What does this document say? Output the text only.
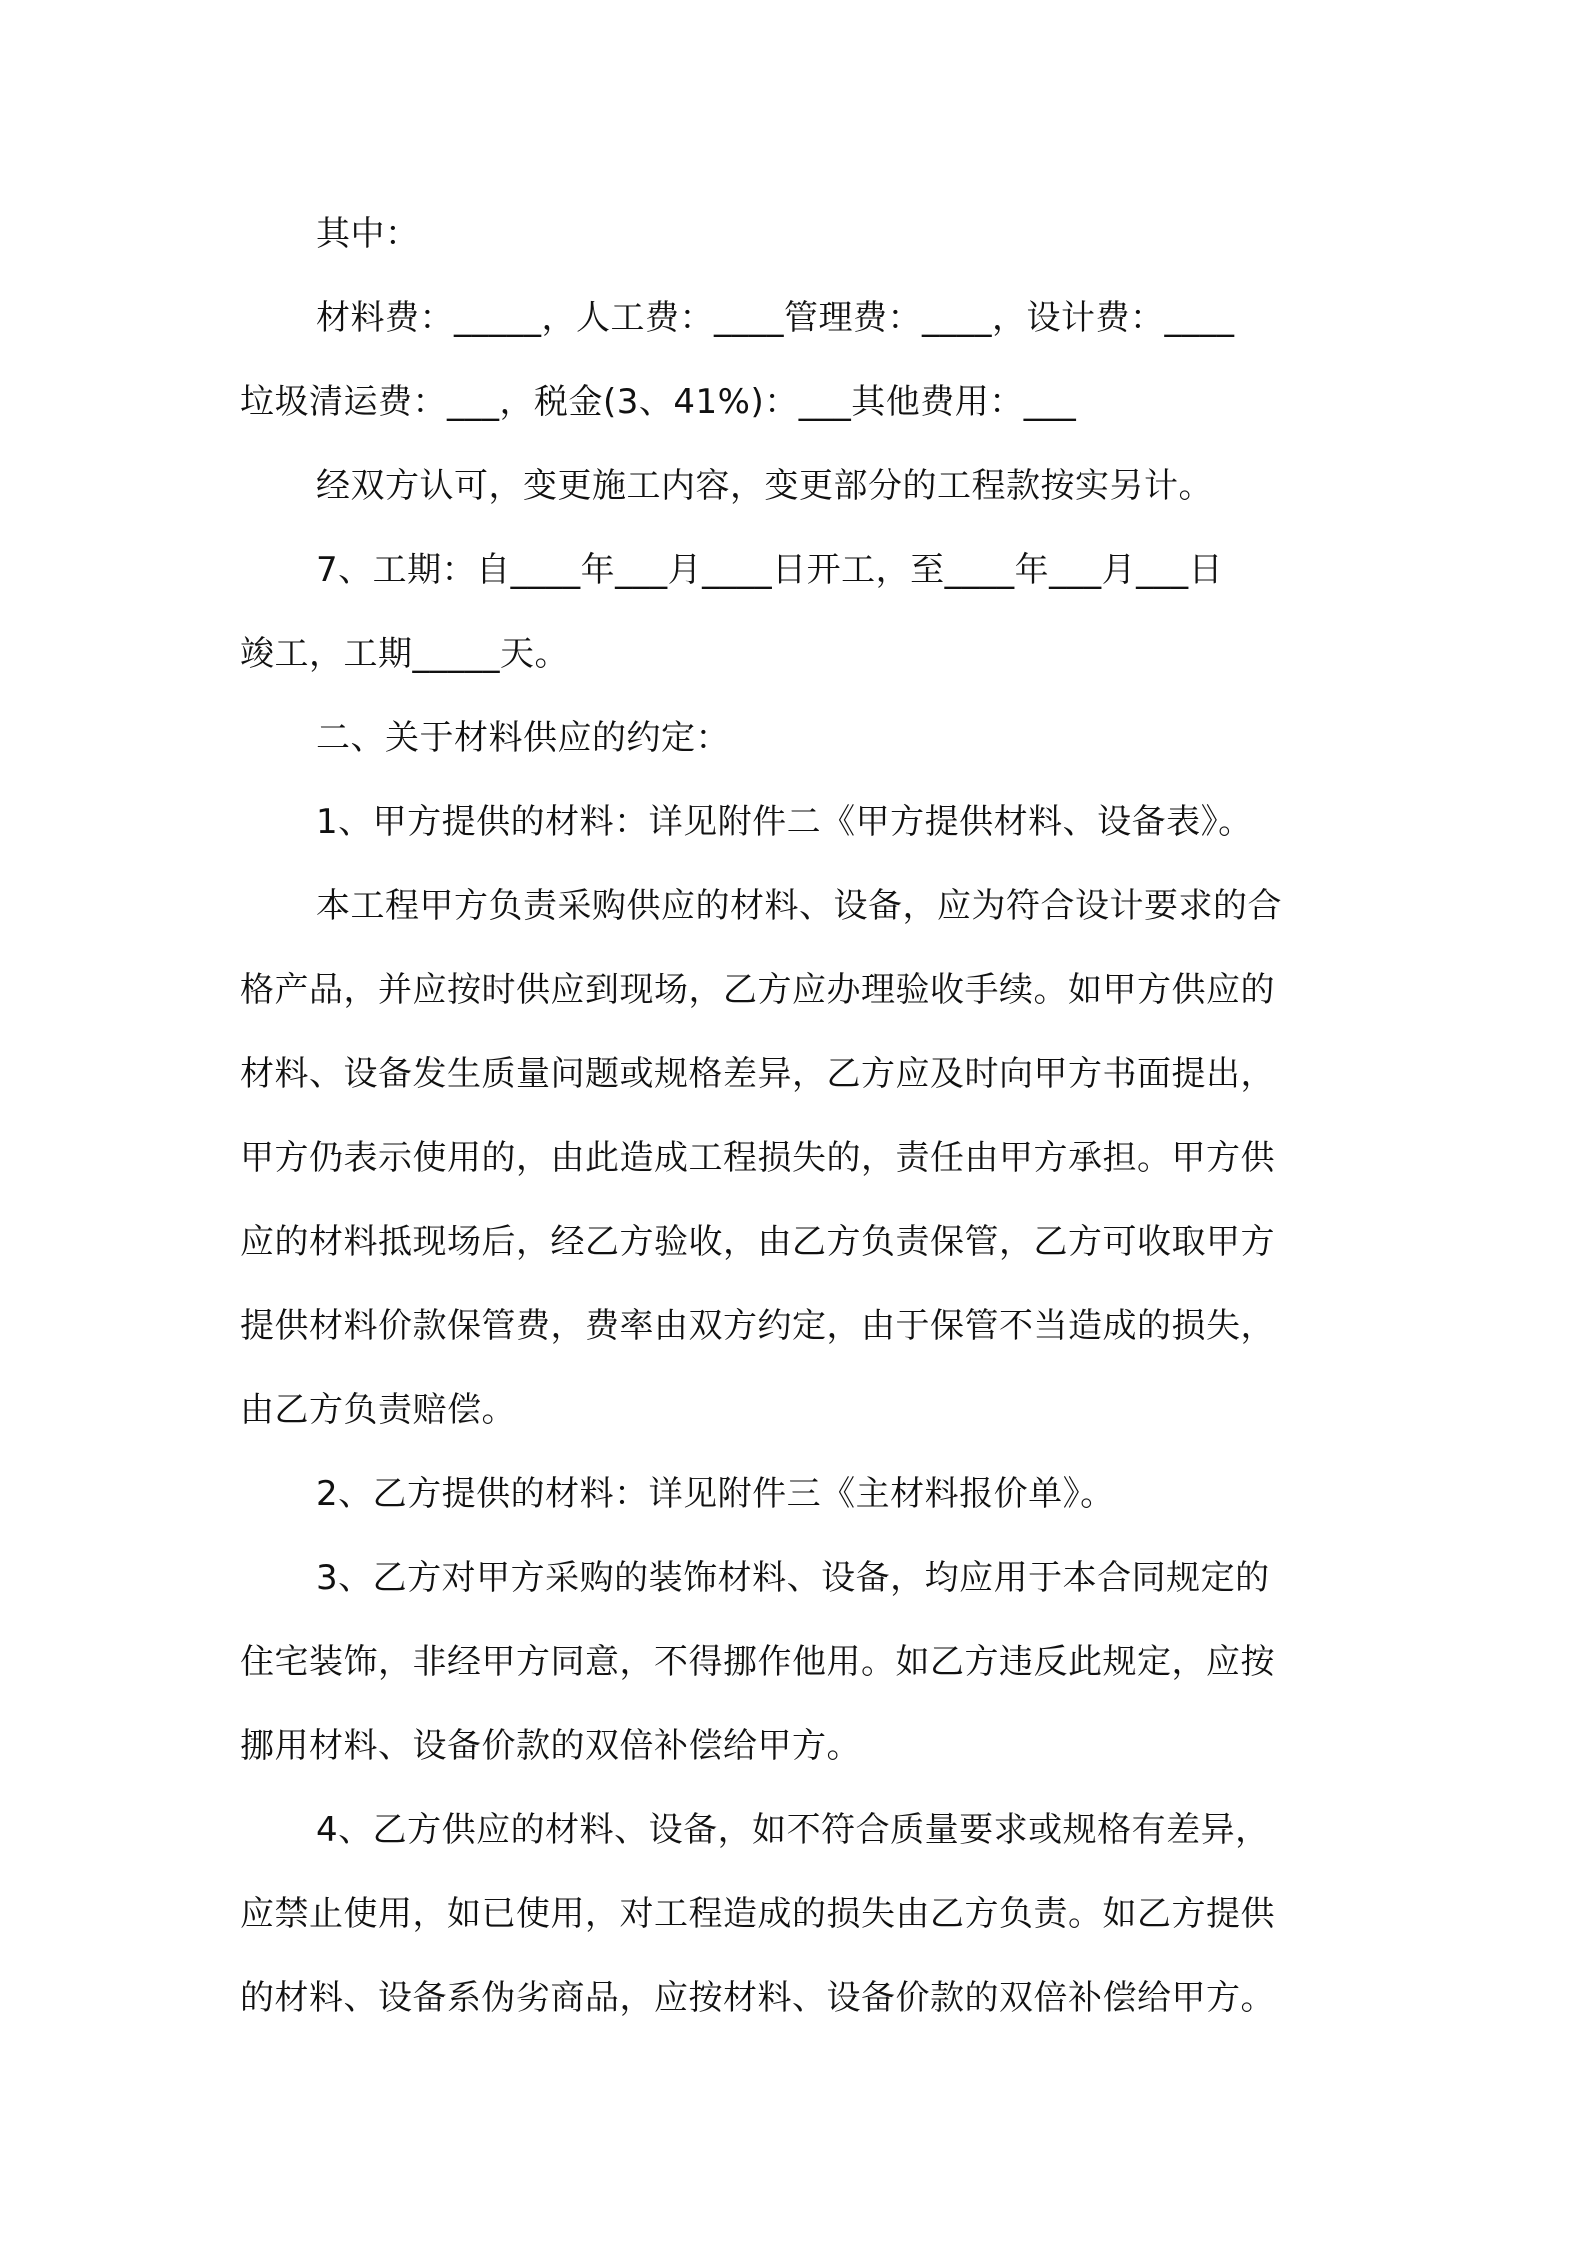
其中：
材料费：_____，人工费：____管理费：____，设计费：____
垃圾清运费：___，税金(3、41%)：___其他费用：___
经双方认可，变更施工内容，变更部分的工程款按实另计。
7、工期：自____年___月____日开工，至____年___月___日
竣工，工期_____天。
二、关于材料供应的约定：
1、甲方提供的材料：详见附件二《甲方提供材料、设备表》。
本工程甲方负责采购供应的材料、设备，应为符合设计要求的合
格产品，并应按时供应到现场，乙方应办理验收手续。如甲方供应的
材料、设备发生质量问题或规格差异，乙方应及时向甲方书面提出，
甲方仍表示使用的，由此造成工程损失的，责任由甲方承担。甲方供
应的材料抵现场后，经乙方验收，由乙方负责保管，乙方可收取甲方
提供材料价款保管费，费率由双方约定，由于保管不当造成的损失，
由乙方负责赔偿。
2、乙方提供的材料：详见附件三《主材料报价单》。
3、乙方对甲方采购的装饰材料、设备，均应用于本合同规定的
住宅装饰，非经甲方同意，不得挪作他用。如乙方违反此规定，应按
挪用材料、设备价款的双倍补偿给甲方。
4、乙方供应的材料、设备，如不符合质量要求或规格有差异，
应禁止使用，如已使用，对工程造成的损失由乙方负责。如乙方提供
的材料、设备系伪劣商品，应按材料、设备价款的双倍补偿给甲方。
